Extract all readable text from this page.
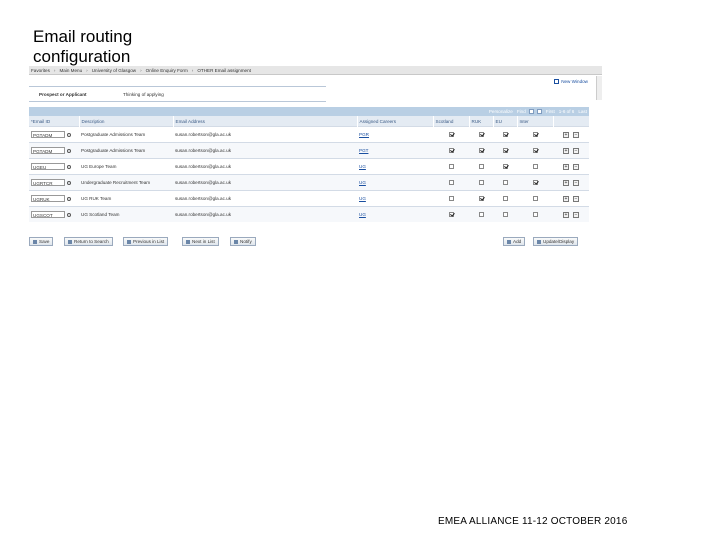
Email routing configuration
Favorites › Main Menu › University of Glasgow › Online Enquiry Form › OTHER Email assignment
New Window
Prospect or Applicant	Thinking of applying
Personalize Find	First 1-6 of 6 Last
*Email ID	Description	Email Address	Assigned Careers	Scotland	RUK	EU	Inter	
PGTADM	Postgraduate Admissions Team	susan.robertson@gla.ac.uk	PGR					+ −
PGTADM	Postgraduate Admissions Team	susan.robertson@gla.ac.uk	PGT					+ −
UGEU	UG Europe Team	susan.robertson@gla.ac.uk	UG					+ −
UGRTCR	Undergraduate Recruitment Team	susan.robertson@gla.ac.uk	UG					+ −
UGRUK	UG RUK Team	susan.robertson@gla.ac.uk	UG					+ −
UGSCOT	UG Scotland Team	susan.robertson@gla.ac.uk	UG					+ −
Save	Return to Search	Previous in List	Next in List	Notify	Add	Update/Display
EMEA ALLIANCE 11-12 OCTOBER 2016
